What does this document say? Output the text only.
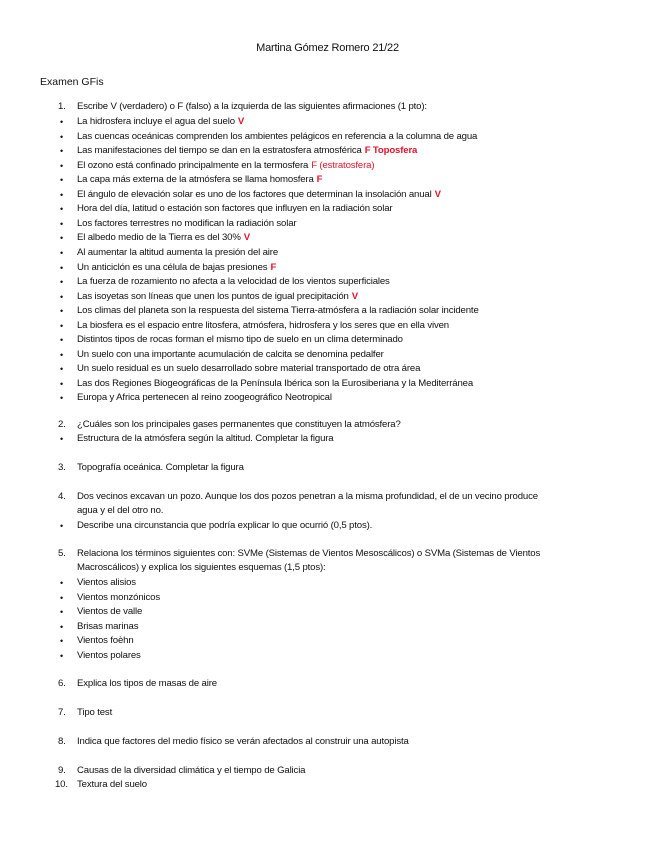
Martina Gómez Romero 21/22
Examen GFis
1. Escribe V (verdadero) o F (falso) a la izquierda de las siguientes afirmaciones (1 pto):
• La hidrosfera incluye el agua del suelo V
• Las cuencas oceánicas comprenden los ambientes pelágicos en referencia a la columna de agua
• Las manifestaciones del tiempo se dan en la estratosfera atmosférica F Toposfera
• El ozono está confinado principalmente en la termosfera F (estratosfera)
• La capa más externa de la atmósfera se llama homosfera F
• El ángulo de elevación solar es uno de los factores que determinan la insolación anual V
• Hora del día, latitud o estación son factores que influyen en la radiación solar
• Los factores terrestres no modifican la radiación solar
• El albedo medio de la Tierra es del 30% V
• Al aumentar la altitud aumenta la presión del aire
• Un anticiclón es una célula de bajas presiones F
• La fuerza de rozamiento no afecta a la velocidad de los vientos superficiales
• Las isoyetas son líneas que unen los puntos de igual precipitación V
• Los climas del planeta son la respuesta del sistema Tierra-atmósfera a la radiación solar incidente
• La biosfera es el espacio entre litosfera, atmósfera, hidrosfera y los seres que en ella viven
• Distintos tipos de rocas forman el mismo tipo de suelo en un clima determinado
• Un suelo con una importante acumulación de calcita se denomina pedalfer
• Un suelo residual es un suelo desarrollado sobre material transportado de otra área
• Las dos Regiones Biogeográficas de la Península Ibérica son la Eurosiberiana y la Mediterránea
• Europa y Africa pertenecen al reino zoogeográfico Neotropical
2. ¿Cuáles son los principales gases permanentes que constituyen la atmósfera?
• Estructura de la atmósfera según la altitud. Completar la figura
3. Topografía oceánica. Completar la figura
4. Dos vecinos excavan un pozo. Aunque los dos pozos penetran a la misma profundidad, el de un vecino produce
agua y el del otro no.
• Describe una circunstancia que podría explicar lo que ocurrió (0,5 ptos).
5. Relaciona los términos siguientes con: SVMe (Sistemas de Vientos Mesoscálicos) o SVMa (Sistemas de Vientos
Macroscálicos) y explica los siguientes esquemas (1,5 ptos):
• Vientos alisios
• Vientos monzónicos
• Vientos de valle
• Brisas marinas
• Vientos foèhn
• Vientos polares
6. Explica los tipos de masas de aire
7. Tipo test
8. Indica que factores del medio físico se verán afectados al construir una autopista
9. Causas de la diversidad climática y el tiempo de Galicia
10. Textura del suelo
